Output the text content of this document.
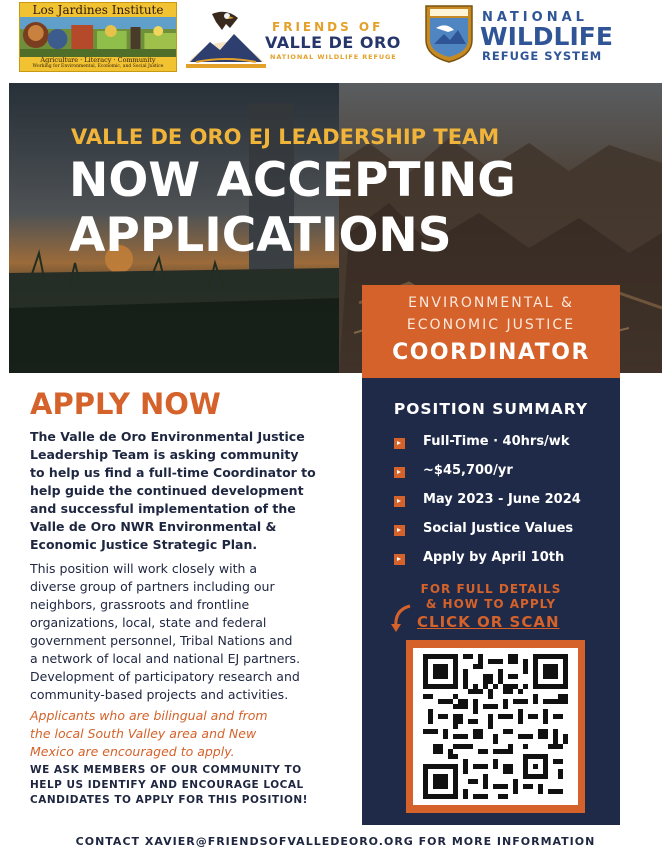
Los Jardines Institute
Agriculture · Literacy · Community
Working for Environmental, Economic, and Social Justice
FRIENDS OF
VALLE DE ORO
NATIONAL WILDLIFE REFUGE
NATIONAL
WILDLIFE
REFUGE SYSTEM
VALLE DE ORO EJ LEADERSHIP TEAM
NOW ACCEPTING
APPLICATIONS
ENVIRONMENTAL &
ECONOMIC JUSTICE
COORDINATOR
APPLY NOW
The Valle de Oro Environmental Justice
Leadership Team is asking community
to help us find a full-time Coordinator to
help guide the continued development
and successful implementation of the
Valle de Oro NWR Environmental &
Economic Justice Strategic Plan.
This position will work closely with a
diverse group of partners including our
neighbors, grassroots and frontline
organizations, local, state and federal
government personnel, Tribal Nations and
a network of local and national EJ partners.
Development of participatory research and
community-based projects and activities.
Applicants who are bilingual and from
the local South Valley area and New
Mexico are encouraged to apply.
WE ASK MEMBERS OF OUR COMMUNITY TO
HELP US IDENTIFY AND ENCOURAGE LOCAL
CANDIDATES TO APPLY FOR THIS POSITION!
POSITION SUMMARY
Full-Time · 40hrs/wk
~$45,700/yr
May 2023 - June 2024
Social Justice Values
Apply by April 10th
FOR FULL DETAILS
& HOW TO APPLY
CLICK OR SCAN
CONTACT XAVIER@FRIENDSOFVALLEDEORO.ORG FOR MORE INFORMATION
